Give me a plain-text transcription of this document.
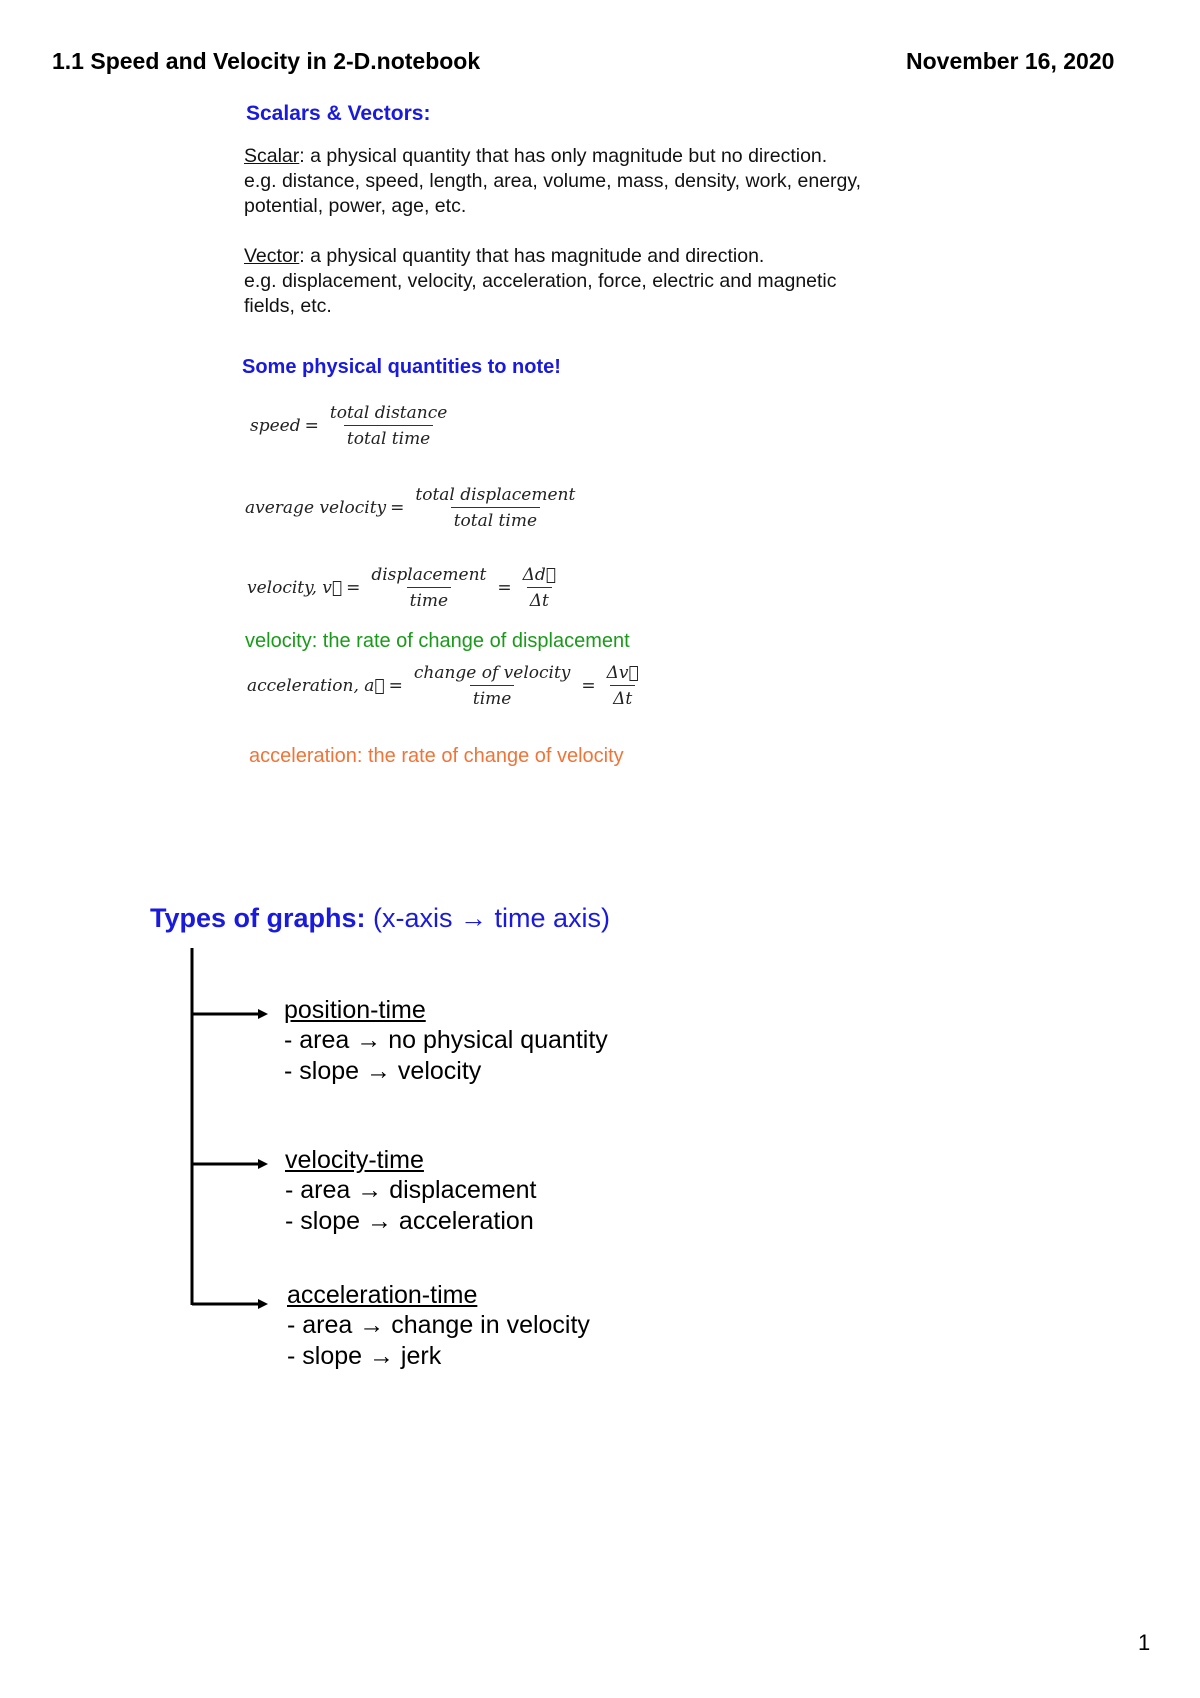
1.1 Speed and Velocity in 2-D.notebook	November 16, 2020
Scalars & Vectors:
Scalar: a physical quantity that has only magnitude but no direction.
e.g. distance, speed, length, area, volume, mass, density, work, energy,
potential, power, age, etc.
Vector: a physical quantity that has magnitude and direction.
e.g. displacement, velocity, acceleration, force, electric and magnetic
fields, etc.
Some physical quantities to note!
speed = $\frac{\text{total distance}}{\text{total time}}$
average velocity = $\frac{\text{total displacement}}{\text{total time}}$
velocity, v⃗ = $\frac{\text{displacement}}{\text{time}} = \frac{\Delta d⃗}{\Delta t}$
velocity: the rate of change of displacement
acceleration, a⃗ = $\frac{\text{change of velocity}}{\text{time}} = \frac{\Delta v⃗}{\Delta t}$
acceleration: the rate of change of velocity
Types of graphs: (x-axis → time axis)
position-time
- area → no physical quantity
- slope → velocity
velocity-time
- area → displacement
- slope → acceleration
acceleration-time
- area → change in velocity
- slope → jerk
1
